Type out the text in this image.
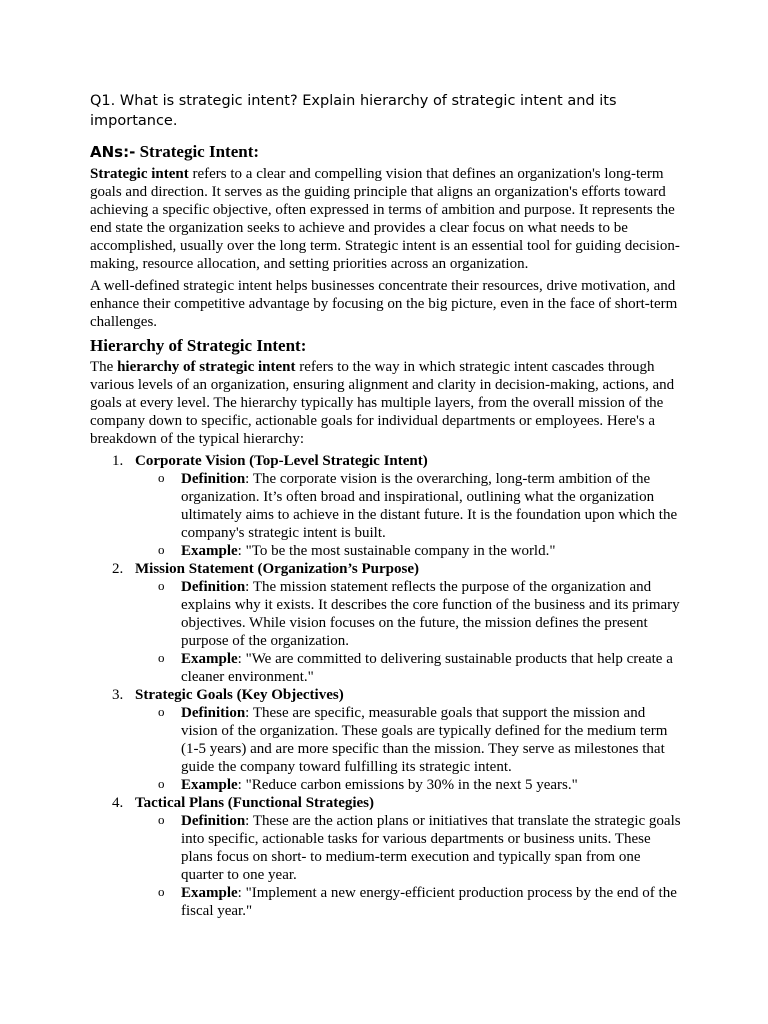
Q1. What is strategic intent? Explain hierarchy of strategic intent and its importance.
ANs:- Strategic Intent:

Strategic intent refers to a clear and compelling vision that defines an organization's long-term goals and direction. It serves as the guiding principle that aligns an organization's efforts toward achieving a specific objective, often expressed in terms of ambition and purpose. It represents the end state the organization seeks to achieve and provides a clear focus on what needs to be accomplished, usually over the long term. Strategic intent is an essential tool for guiding decision-making, resource allocation, and setting priorities across an organization.

A well-defined strategic intent helps businesses concentrate their resources, drive motivation, and enhance their competitive advantage by focusing on the big picture, even in the face of short-term challenges.

Hierarchy of Strategic Intent:

The hierarchy of strategic intent refers to the way in which strategic intent cascades through various levels of an organization, ensuring alignment and clarity in decision-making, actions, and goals at every level. The hierarchy typically has multiple layers, from the overall mission of the company down to specific, actionable goals for individual departments or employees. Here's a breakdown of the typical hierarchy:

1. Corporate Vision (Top-Level Strategic Intent)
o Definition: The corporate vision is the overarching, long-term ambition of the organization. It’s often broad and inspirational, outlining what the organization ultimately aims to achieve in the distant future. It is the foundation upon which the company's strategic intent is built.
o Example: "To be the most sustainable company in the world."
2. Mission Statement (Organization’s Purpose)
o Definition: The mission statement reflects the purpose of the organization and explains why it exists. It describes the core function of the business and its primary objectives. While vision focuses on the future, the mission defines the present purpose of the organization.
o Example: "We are committed to delivering sustainable products that help create a cleaner environment."
3. Strategic Goals (Key Objectives)
o Definition: These are specific, measurable goals that support the mission and vision of the organization. These goals are typically defined for the medium term (1-5 years) and are more specific than the mission. They serve as milestones that guide the company toward fulfilling its strategic intent.
o Example: "Reduce carbon emissions by 30% in the next 5 years."
4. Tactical Plans (Functional Strategies)
o Definition: These are the action plans or initiatives that translate the strategic goals into specific, actionable tasks for various departments or business units. These plans focus on short- to medium-term execution and typically span from one quarter to one year.
o Example: "Implement a new energy-efficient production process by the end of the fiscal year."
